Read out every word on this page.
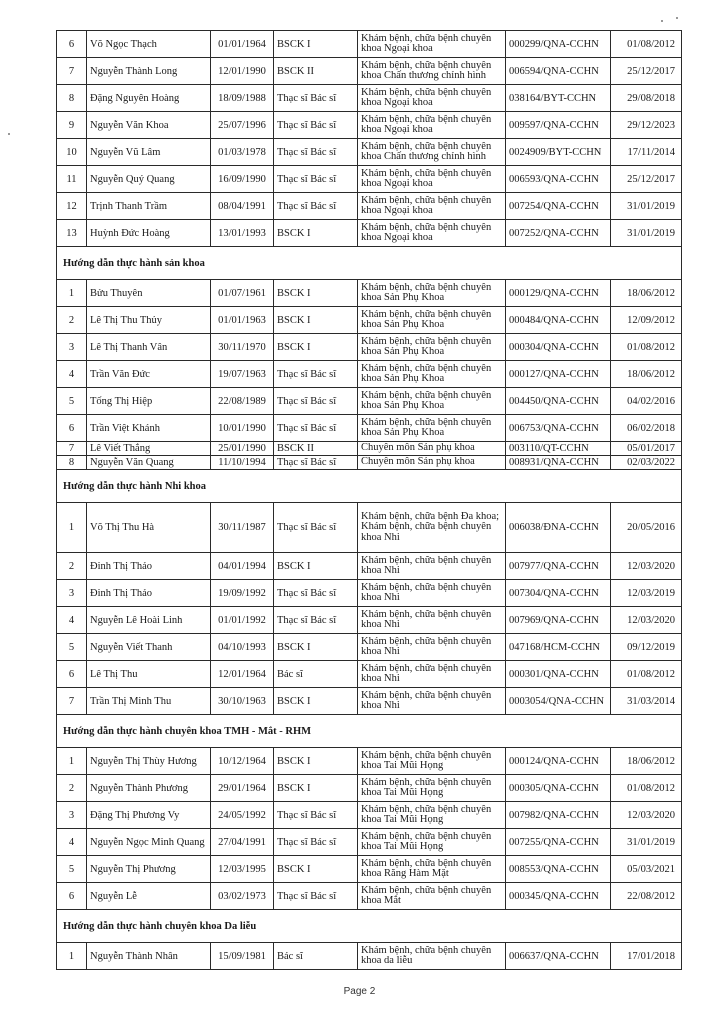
6	Võ Ngọc Thạch	01/01/1964	BSCK I	Khám bệnh, chữa bệnh chuyên khoa Ngoại khoa	000299/QNA-CCHN	01/08/2012
7	Nguyễn Thành Long	12/01/1990	BSCK II	Khám bệnh, chữa bệnh chuyên khoa Chấn thương chỉnh hình	006594/QNA-CCHN	25/12/2017
8	Đặng Nguyên Hoàng	18/09/1988	Thạc sĩ Bác sĩ	Khám bệnh, chữa bệnh chuyên khoa Ngoại khoa	038164/BYT-CCHN	29/08/2018
9	Nguyễn Văn Khoa	25/07/1996	Thạc sĩ Bác sĩ	Khám bệnh, chữa bệnh chuyên khoa Ngoại khoa	009597/QNA-CCHN	29/12/2023
10	Nguyễn Vũ Lâm	01/03/1978	Thạc sĩ Bác sĩ	Khám bệnh, chữa bệnh chuyên khoa Chấn thương chỉnh hình	0024909/BYT-CCHN	17/11/2014
11	Nguyễn Quý Quang	16/09/1990	Thạc sĩ Bác sĩ	Khám bệnh, chữa bệnh chuyên khoa Ngoại khoa	006593/QNA-CCHN	25/12/2017
12	Trịnh Thanh Trầm	08/04/1991	Thạc sĩ Bác sĩ	Khám bệnh, chữa bệnh chuyên khoa Ngoại khoa	007254/QNA-CCHN	31/01/2019
13	Huỳnh Đức Hoàng	13/01/1993	BSCK I	Khám bệnh, chữa bệnh chuyên khoa Ngoại khoa	007252/QNA-CCHN	31/01/2019
Hướng dẫn thực hành sản khoa						
1	Bửu Thuyên	01/07/1961	BSCK I	Khám bệnh, chữa bệnh chuyên khoa Sản Phụ Khoa	000129/QNA-CCHN	18/06/2012
2	Lê Thị Thu Thủy	01/01/1963	BSCK I	Khám bệnh, chữa bệnh chuyên khoa Sản Phụ Khoa	000484/QNA-CCHN	12/09/2012
3	Lê Thị Thanh Vân	30/11/1970	BSCK I	Khám bệnh, chữa bệnh chuyên khoa Sản Phụ Khoa	000304/QNA-CCHN	01/08/2012
4	Trần Văn Đức	19/07/1963	Thạc sĩ Bác sĩ	Khám bệnh, chữa bệnh chuyên khoa Sản Phụ Khoa	000127/QNA-CCHN	18/06/2012
5	Tống Thị Hiệp	22/08/1989	Thạc sĩ Bác sĩ	Khám bệnh, chữa bệnh chuyên khoa Sản Phụ Khoa	004450/QNA-CCHN	04/02/2016
6	Trần Việt Khánh	10/01/1990	Thạc sĩ Bác sĩ	Khám bệnh, chữa bệnh chuyên khoa Sản Phụ Khoa	006753/QNA-CCHN	06/02/2018
7	Lê Viết Thắng	25/01/1990	BSCK II	Chuyên môn Sản phụ khoa	003110/QT-CCHN	05/01/2017
8	Nguyễn Văn Quang	11/10/1994	Thạc sĩ Bác sĩ	Chuyên môn Sản phụ khoa	008931/QNA-CCHN	02/03/2022
Hướng dẫn thực hành Nhi khoa						
1	Võ Thị Thu Hà	30/11/1987	Thạc sĩ Bác sĩ	Khám bệnh, chữa bệnh Đa khoa; Khám bệnh, chữa bệnh chuyên khoa Nhi	006038/ĐNA-CCHN	20/05/2016
2	Đinh Thị Thảo	04/01/1994	BSCK I	Khám bệnh, chữa bệnh chuyên khoa Nhi	007977/QNA-CCHN	12/03/2020
3	Đinh Thị Thảo	19/09/1992	Thạc sĩ Bác sĩ	Khám bệnh, chữa bệnh chuyên khoa Nhi	007304/QNA-CCHN	12/03/2019
4	Nguyễn Lê Hoài Linh	01/01/1992	Thạc sĩ Bác sĩ	Khám bệnh, chữa bệnh chuyên khoa Nhi	007969/QNA-CCHN	12/03/2020
5	Nguyễn Viết Thanh	04/10/1993	BSCK I	Khám bệnh, chữa bệnh chuyên khoa Nhi	047168/HCM-CCHN	09/12/2019
6	Lê Thị Thu	12/01/1964	Bác sĩ	Khám bệnh, chữa bệnh chuyên khoa Nhi	000301/QNA-CCHN	01/08/2012
7	Trần Thị Minh Thu	30/10/1963	BSCK I	Khám bệnh, chữa bệnh chuyên khoa Nhi	0003054/QNA-CCHN	31/03/2014
Hướng dẫn thực hành chuyên khoa TMH - Mắt - RHM						
1	Nguyễn Thị Thùy Hương	10/12/1964	BSCK I	Khám bệnh, chữa bệnh chuyên khoa Tai Mũi Họng	000124/QNA-CCHN	18/06/2012
2	Nguyễn Thành Phương	29/01/1964	BSCK I	Khám bệnh, chữa bệnh chuyên khoa Tai Mũi Họng	000305/QNA-CCHN	01/08/2012
3	Đặng Thị Phương Vy	24/05/1992	Thạc sĩ Bác sĩ	Khám bệnh, chữa bệnh chuyên khoa Tai Mũi Họng	007982/QNA-CCHN	12/03/2020
4	Nguyễn Ngọc Minh Quang	27/04/1991	Thạc sĩ Bác sĩ	Khám bệnh, chữa bệnh chuyên khoa Tai Mũi Họng	007255/QNA-CCHN	31/01/2019
5	Nguyễn Thị Phương	12/03/1995	BSCK I	Khám bệnh, chữa bệnh chuyên khoa Răng Hàm Mặt	008553/QNA-CCHN	05/03/2021
6	Nguyễn Lễ	03/02/1973	Thạc sĩ Bác sĩ	Khám bệnh, chữa bệnh chuyên khoa Mắt	000345/QNA-CCHN	22/08/2012
Hướng dẫn thực hành chuyên khoa Da liễu						
1	Nguyễn Thành Nhân	15/09/1981	Bác sĩ	Khám bệnh, chữa bệnh chuyên khoa da liễu	006637/QNA-CCHN	17/01/2018
Page 2
